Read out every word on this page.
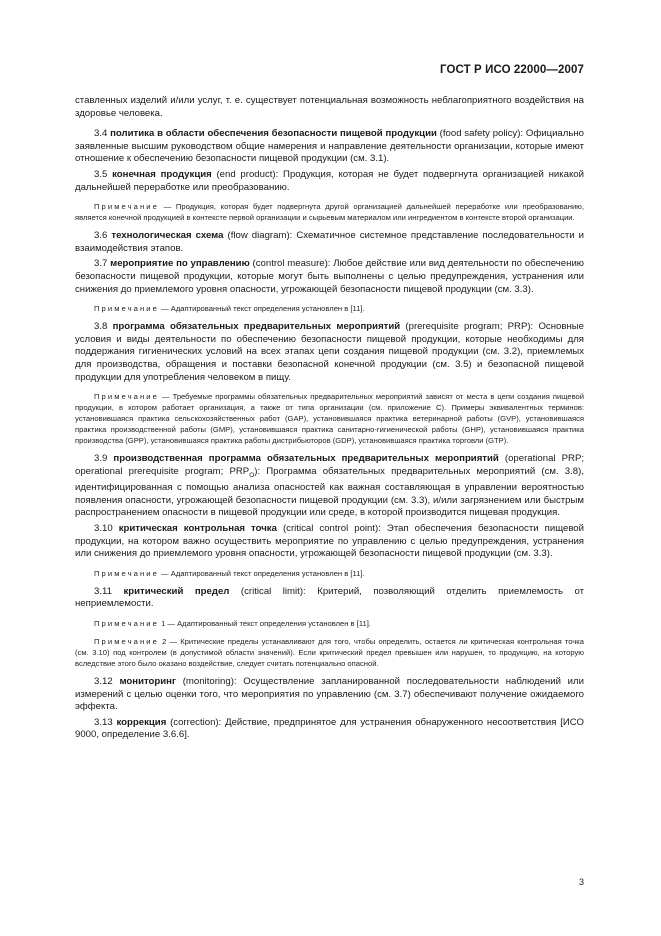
ГОСТ Р ИСО 22000—2007

ставленных изделий и/или услуг, т. е. существует потенциальная возможность неблагоприятного воздействия на здоровье человека.

3.4 политика в области обеспечения безопасности пищевой продукции (food safety policy): Официально заявленные высшим руководством общие намерения и направление деятельности организации, которые имеют отношение к обеспечению безопасности пищевой продукции (см. 3.1).

3.5 конечная продукция (end product): Продукция, которая не будет подвергнута организацией никакой дальнейшей переработке или преобразованию.

Примечание — Продукция, которая будет подвергнута другой организацией дальнейшей переработке или преобразованию, является конечной продукцией в контексте первой организации и сырьевым материалом или ингредиентом в контексте второй организации.

3.6 технологическая схема (flow diagram): Схематичное системное представление последовательности и взаимодействия этапов.

3.7 мероприятие по управлению (control measure): Любое действие или вид деятельности по обеспечению безопасности пищевой продукции, которые могут быть выполнены с целью предупреждения, устранения или снижения до приемлемого уровня опасности, угрожающей безопасности пищевой продукции (см. 3.3).

Примечание — Адаптированный текст определения установлен в [11].

3.8 программа обязательных предварительных мероприятий (prerequisite program; PRP): Основные условия и виды деятельности по обеспечению безопасности пищевой продукции, которые необходимы для поддержания гигиенических условий на всех этапах цепи создания пищевой продукции (см. 3.2), приемлемых для производства, обращения и поставки безопасной конечной продукции (см. 3.5) и безопасной пищевой продукции для употребления человеком в пищу.

Примечание — Требуемые программы обязательных предварительных мероприятий зависят от места в цепи создания пищевой продукции, в котором работает организация, а также от типа организации (см. приложение С). Примеры эквивалентных терминов: установившаяся практика сельскохозяйственных работ (GAP), установившаяся практика ветеринарной работы (GVP), установившаяся практика производственной работы (GMP), установившаяся практика санитарно-гигиенической работы (GHP), установившаяся практика производства (GPP), установившаяся практика работы дистрибьюторов (GDP), установившаяся практика торговли (GTP).

3.9 производственная программа обязательных предварительных мероприятий (operational PRP; operational prerequisite program; $PRP_O$): Программа обязательных предварительных мероприятий (см. 3.8), идентифицированная с помощью анализа опасностей как важная составляющая в управлении вероятностью появления опасности, угрожающей безопасности пищевой продукции (см. 3.3), и/или загрязнением или быстрым распространением опасности в пищевой продукции или среде, в которой производится пищевая продукция.

3.10 критическая контрольная точка (critical control point): Этап обеспечения безопасности пищевой продукции, на котором важно осуществить мероприятие по управлению с целью предупреждения, устранения или снижения до приемлемого уровня опасности, угрожающей безопасности пищевой продукции (см. 3.3).

Примечание — Адаптированный текст определения установлен в [11].

3.11 критический предел (critical limit): Критерий, позволяющий отделить приемлемость от неприемлемости.

Примечание 1 — Адаптированный текст определения установлен в [11].

Примечание 2 — Критические пределы устанавливают для того, чтобы определить, остается ли критическая контрольная точка (см. 3.10) под контролем (в допустимой области значений). Если критический предел превышен или нарушен, то продукцию, на которую вследствие этого было оказано воздействие, следует считать потенциально опасной.

3.12 мониторинг (monitoring): Осуществление запланированной последовательности наблюдений или измерений с целью оценки того, что мероприятия по управлению (см. 3.7) обеспечивают получение ожидаемого эффекта.

3.13 коррекция (correction): Действие, предпринятое для устранения обнаруженного несоответствия [ИСО 9000, определение 3.6.6].

3
